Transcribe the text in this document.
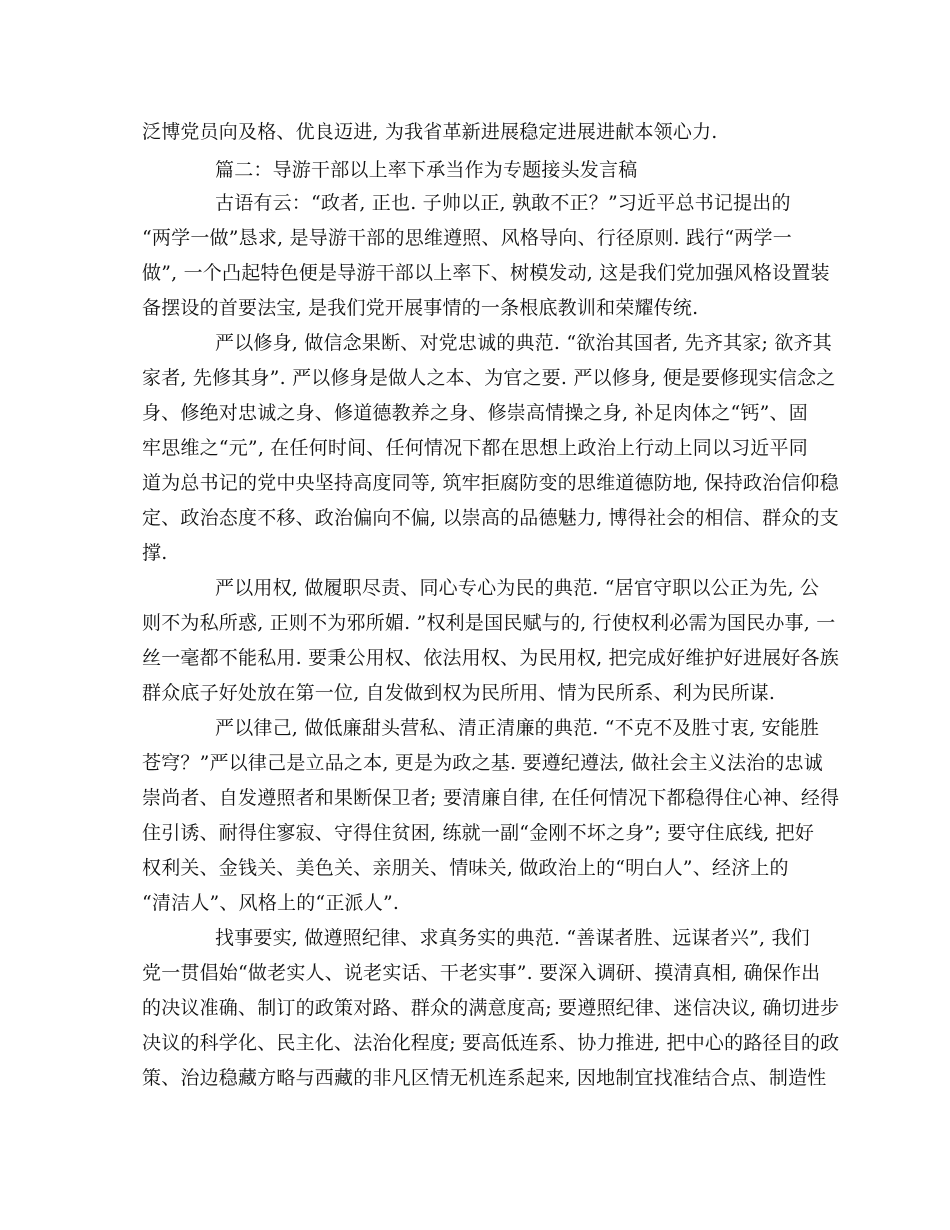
泛博党员向及格、优良迈进, 为我省革新进展稳定进展进献本领心力.
篇二：导游干部以上率下承当作为专题接头发言稿
古语有云：“政者, 正也. 子帅以正, 孰敢不正？”习近平总书记提出的
“两学一做”恳求, 是导游干部的思维遵照、风格导向、行径原则. 践行“两学一
做”, 一个凸起特色便是导游干部以上率下、树模发动, 这是我们党加强风格设置装
备摆设的首要法宝, 是我们党开展事情的一条根底教训和荣耀传统.
严以修身, 做信念果断、对党忠诚的典范. “欲治其国者, 先齐其家; 欲齐其
家者, 先修其身”. 严以修身是做人之本、为官之要. 严以修身, 便是要修现实信念之
身、修绝对忠诚之身、修道德教养之身、修崇高情操之身, 补足肉体之“钙”、固
牢思维之“元”, 在任何时间、任何情况下都在思想上政治上行动上同以习近平同
道为总书记的党中央坚持高度同等, 筑牢拒腐防变的思维道德防地, 保持政治信仰稳
定、政治态度不移、政治偏向不偏, 以崇高的品德魅力, 博得社会的相信、群众的支
撑.
严以用权, 做履职尽责、同心专心为民的典范. “居官守职以公正为先, 公
则不为私所惑, 正则不为邪所媚. ”权利是国民赋与的, 行使权利必需为国民办事, 一
丝一毫都不能私用. 要秉公用权、依法用权、为民用权, 把完成好维护好进展好各族
群众底子好处放在第一位, 自发做到权为民所用、情为民所系、利为民所谋.
严以律己, 做低廉甜头营私、清正清廉的典范. “不克不及胜寸衷, 安能胜
苍穹？”严以律己是立品之本, 更是为政之基. 要遵纪遵法, 做社会主义法治的忠诚
崇尚者、自发遵照者和果断保卫者; 要清廉自律, 在任何情况下都稳得住心神、经得
住引诱、耐得住寥寂、守得住贫困, 练就一副“金刚不坏之身”; 要守住底线, 把好
权利关、金钱关、美色关、亲朋关、情味关, 做政治上的“明白人”、经济上的
“清洁人”、风格上的“正派人”.
找事要实, 做遵照纪律、求真务实的典范. “善谋者胜、远谋者兴”, 我们
党一贯倡始“做老实人、说老实话、干老实事”. 要深入调研、摸清真相, 确保作出
的决议准确、制订的政策对路、群众的满意度高; 要遵照纪律、迷信决议, 确切进步
决议的科学化、民主化、法治化程度; 要高低连系、协力推进, 把中心的路径目的政
策、治边稳藏方略与西藏的非凡区情无机连系起来, 因地制宜找准结合点、制造性
